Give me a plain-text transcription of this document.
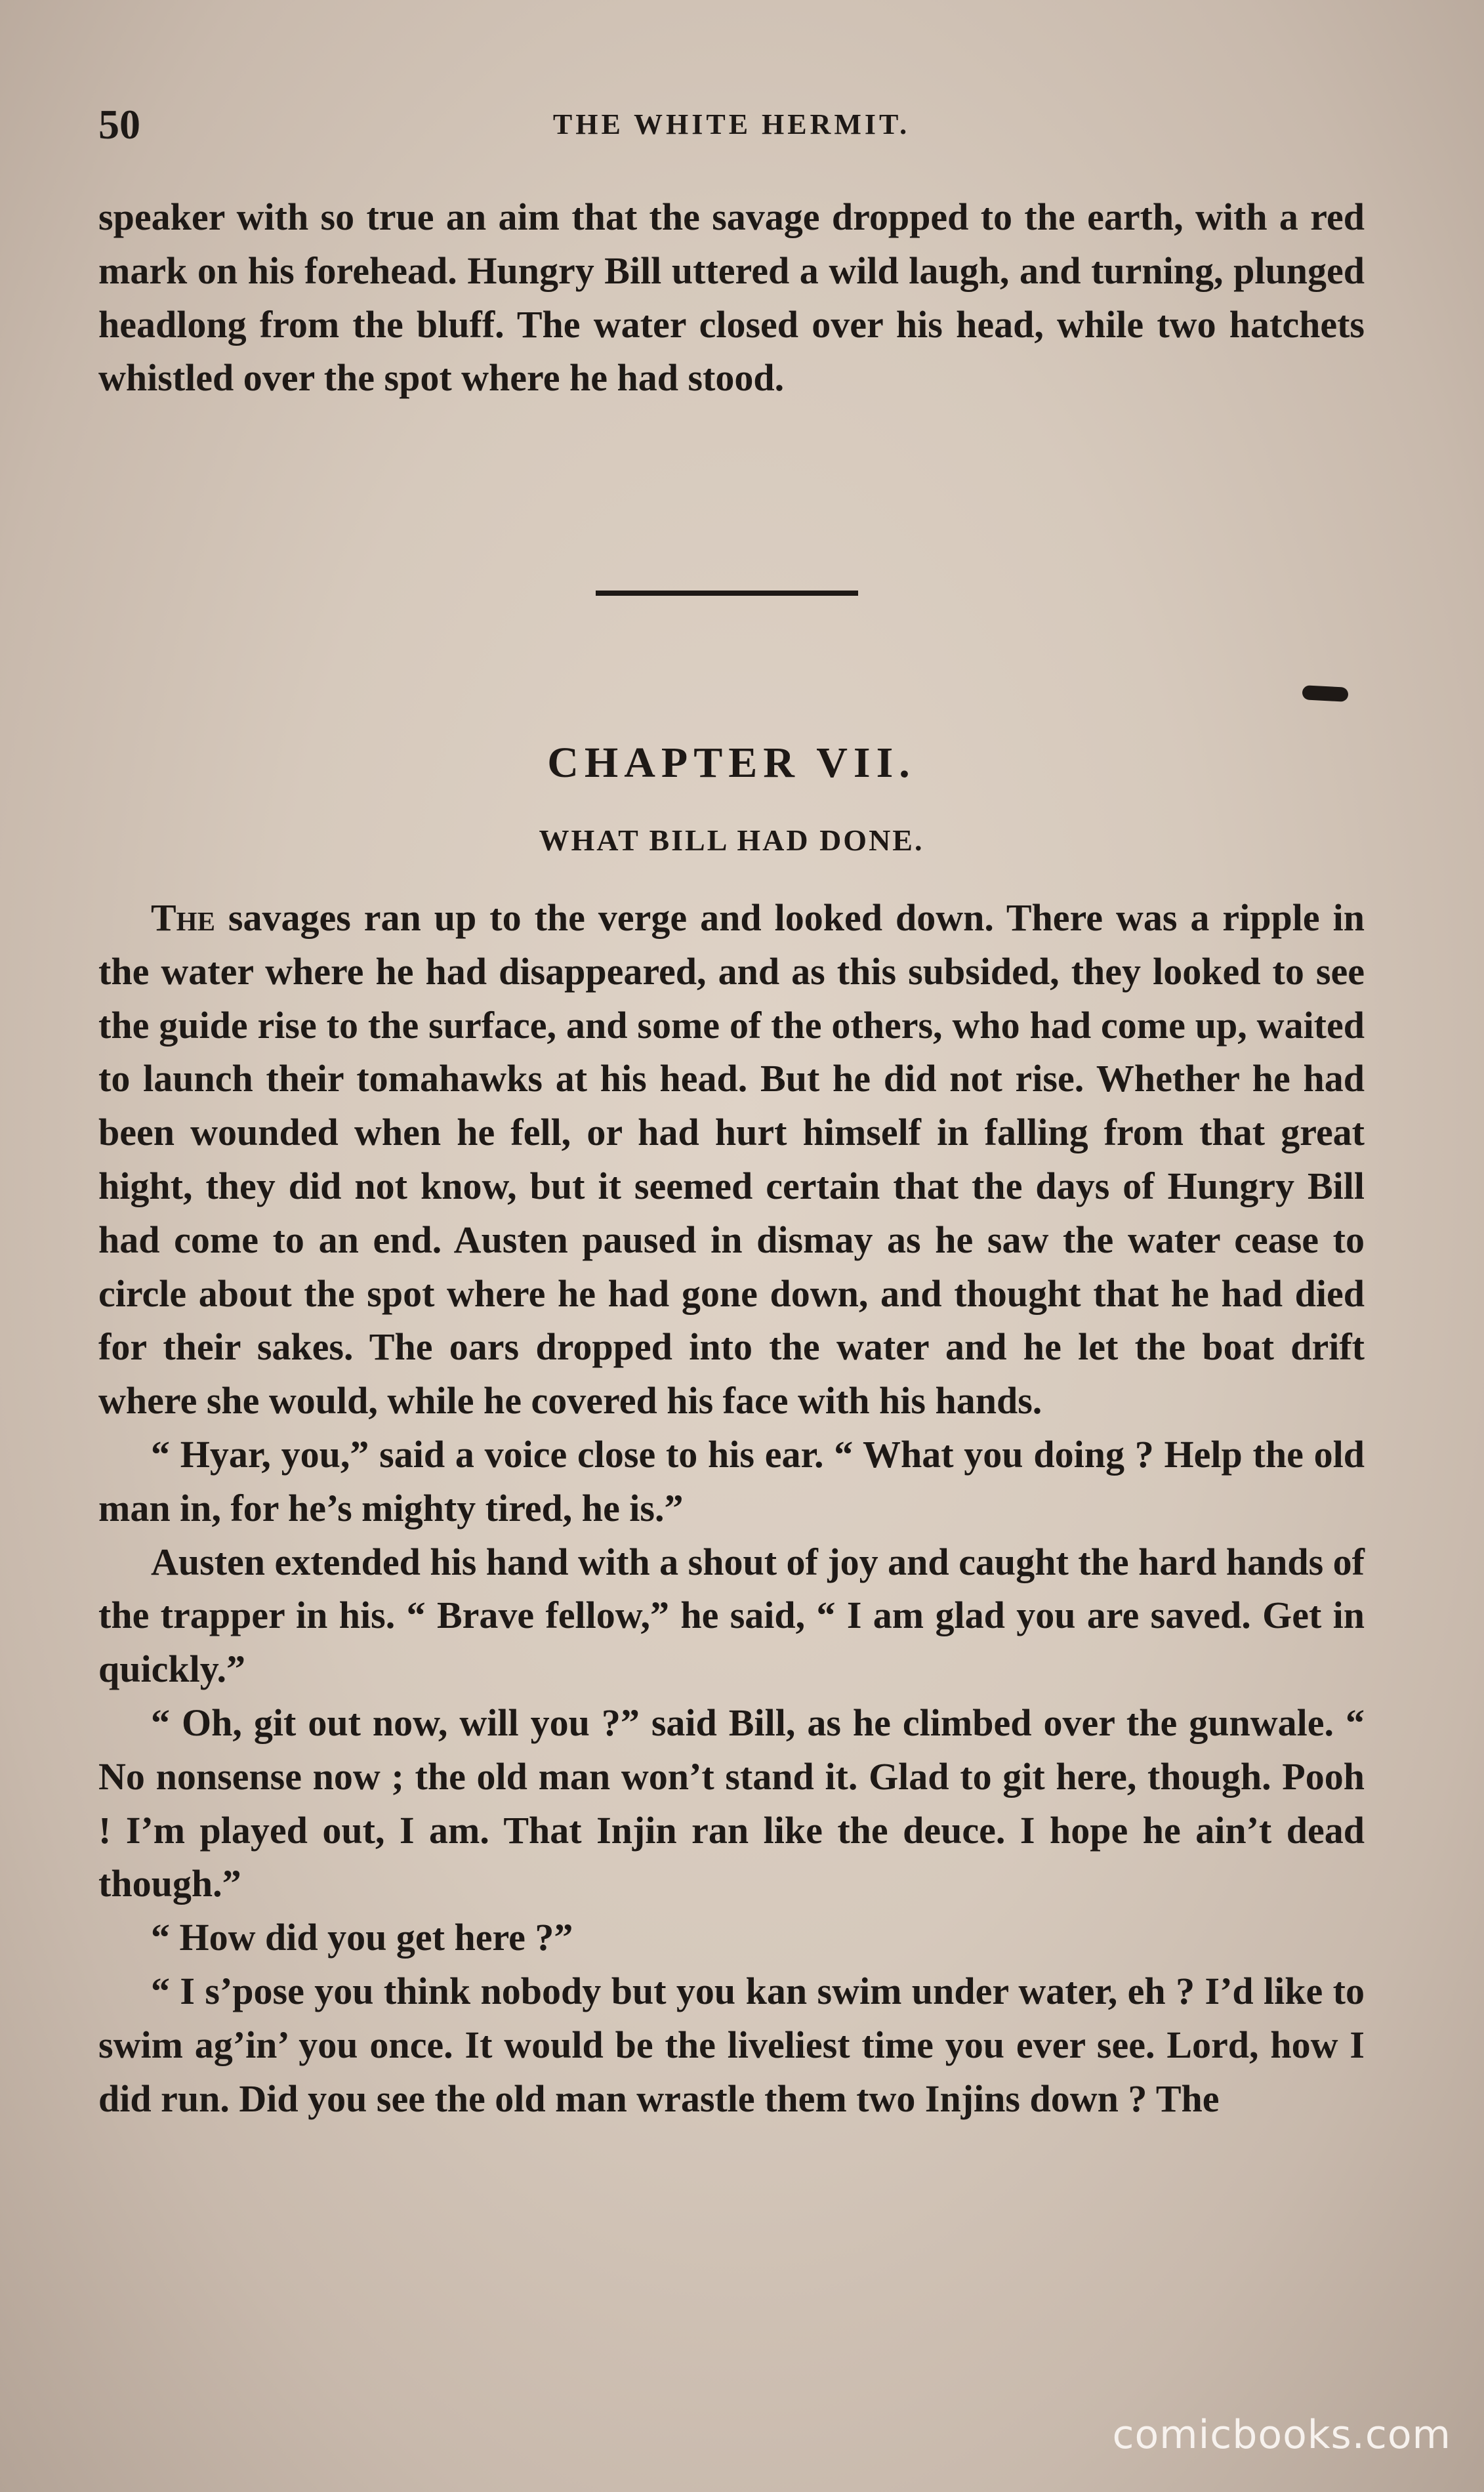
50	THE WHITE HERMIT.

speaker with so true an aim that the savage dropped to the earth, with a red mark on his forehead. Hungry Bill uttered a wild laugh, and turning, plunged headlong from the bluff. The water closed over his head, while two hatchets whistled over the spot where he had stood.

CHAPTER VII.
WHAT BILL HAD DONE.

The savages ran up to the verge and looked down. There was a ripple in the water where he had disappeared, and as this subsided, they looked to see the guide rise to the surface, and some of the others, who had come up, waited to launch their tomahawks at his head. But he did not rise. Whether he had been wounded when he fell, or had hurt himself in falling from that great hight, they did not know, but it seemed certain that the days of Hungry Bill had come to an end. Austen paused in dismay as he saw the water cease to circle about the spot where he had gone down, and thought that he had died for their sakes. The oars dropped into the water and he let the boat drift where she would, while he covered his face with his hands.

“ Hyar, you,” said a voice close to his ear. “ What you doing ? Help the old man in, for he’s mighty tired, he is.”

Austen extended his hand with a shout of joy and caught the hard hands of the trapper in his. “ Brave fellow,” he said, “ I am glad you are saved. Get in quickly.”

“ Oh, git out now, will you ?” said Bill, as he climbed over the gunwale. “ No nonsense now ; the old man won’t stand it. Glad to git here, though. Pooh ! I’m played out, I am. That Injin ran like the deuce. I hope he ain’t dead though.”

“ How did you get here ?”

“ I s’pose you think nobody but you kan swim under water, eh ? I’d like to swim ag’in’ you once. It would be the liveliest time you ever see. Lord, how I did run. Did you see the old man wrastle them two Injins down ? The

comicbooks.com
